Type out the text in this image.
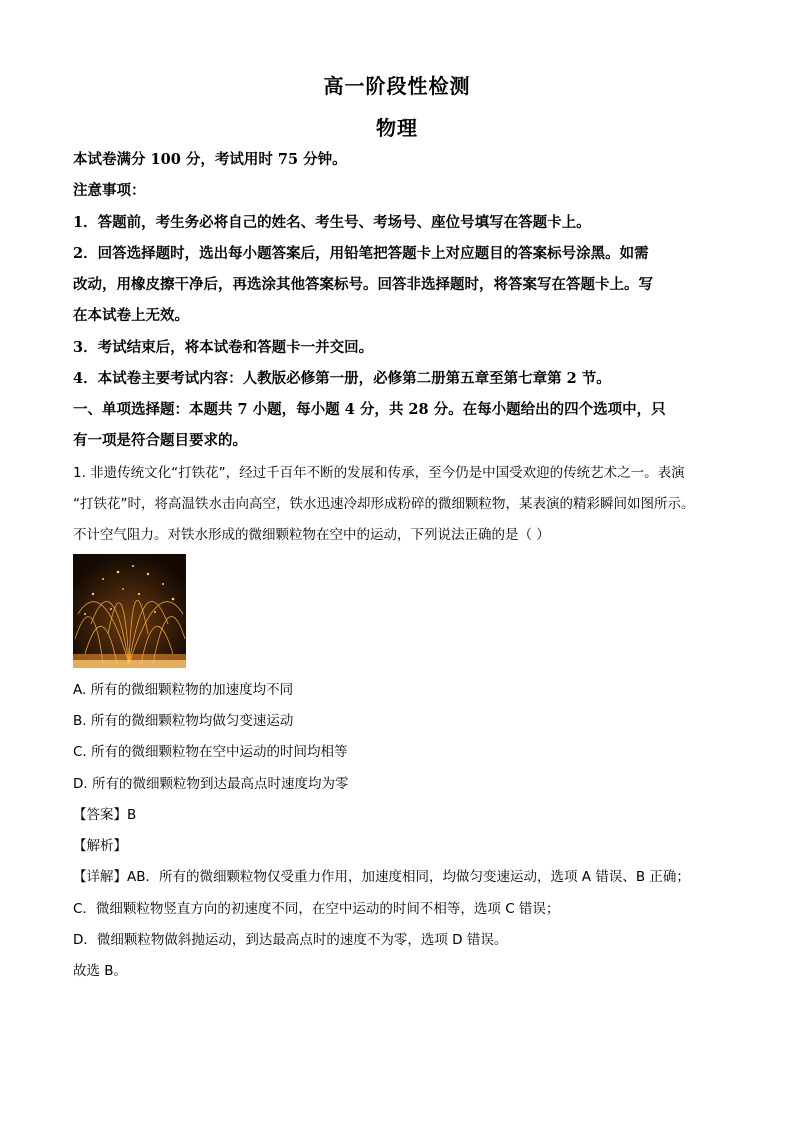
高一阶段性检测
物理
本试卷满分 100 分，考试用时 75 分钟。
注意事项：
1．答题前，考生务必将自己的姓名、考生号、考场号、座位号填写在答题卡上。
2．回答选择题时，选出每小题答案后，用铅笔把答题卡上对应题目的答案标号涂黑。如需
改动，用橡皮擦干净后，再选涂其他答案标号。回答非选择题时，将答案写在答题卡上。写
在本试卷上无效。
3．考试结束后，将本试卷和答题卡一并交回。
4．本试卷主要考试内容：人教版必修第一册，必修第二册第五章至第七章第 2 节。
一、单项选择题：本题共 7 小题，每小题 4 分，共 28 分。在每小题给出的四个选项中，只
有一项是符合题目要求的。
1. 非遗传统文化“打铁花”，经过千百年不断的发展和传承，至今仍是中国受欢迎的传统艺术之一。表演
“打铁花”时，将高温铁水击向高空，铁水迅速冷却形成粉碎的微细颗粒物，某表演的精彩瞬间如图所示。
不计空气阻力。对铁水形成的微细颗粒物在空中的运动，下列说法正确的是（ ）
A. 所有的微细颗粒物的加速度均不同
B. 所有的微细颗粒物均做匀变速运动
C. 所有的微细颗粒物在空中运动的时间均相等
D. 所有的微细颗粒物到达最高点时速度均为零
【答案】B
【解析】
【详解】AB．所有的微细颗粒物仅受重力作用，加速度相同，均做匀变速运动，选项 A 错误、B 正确；
C．微细颗粒物竖直方向的初速度不同，在空中运动的时间不相等，选项 C 错误；
D．微细颗粒物做斜抛运动，到达最高点时的速度不为零，选项 D 错误。
故选 B。
